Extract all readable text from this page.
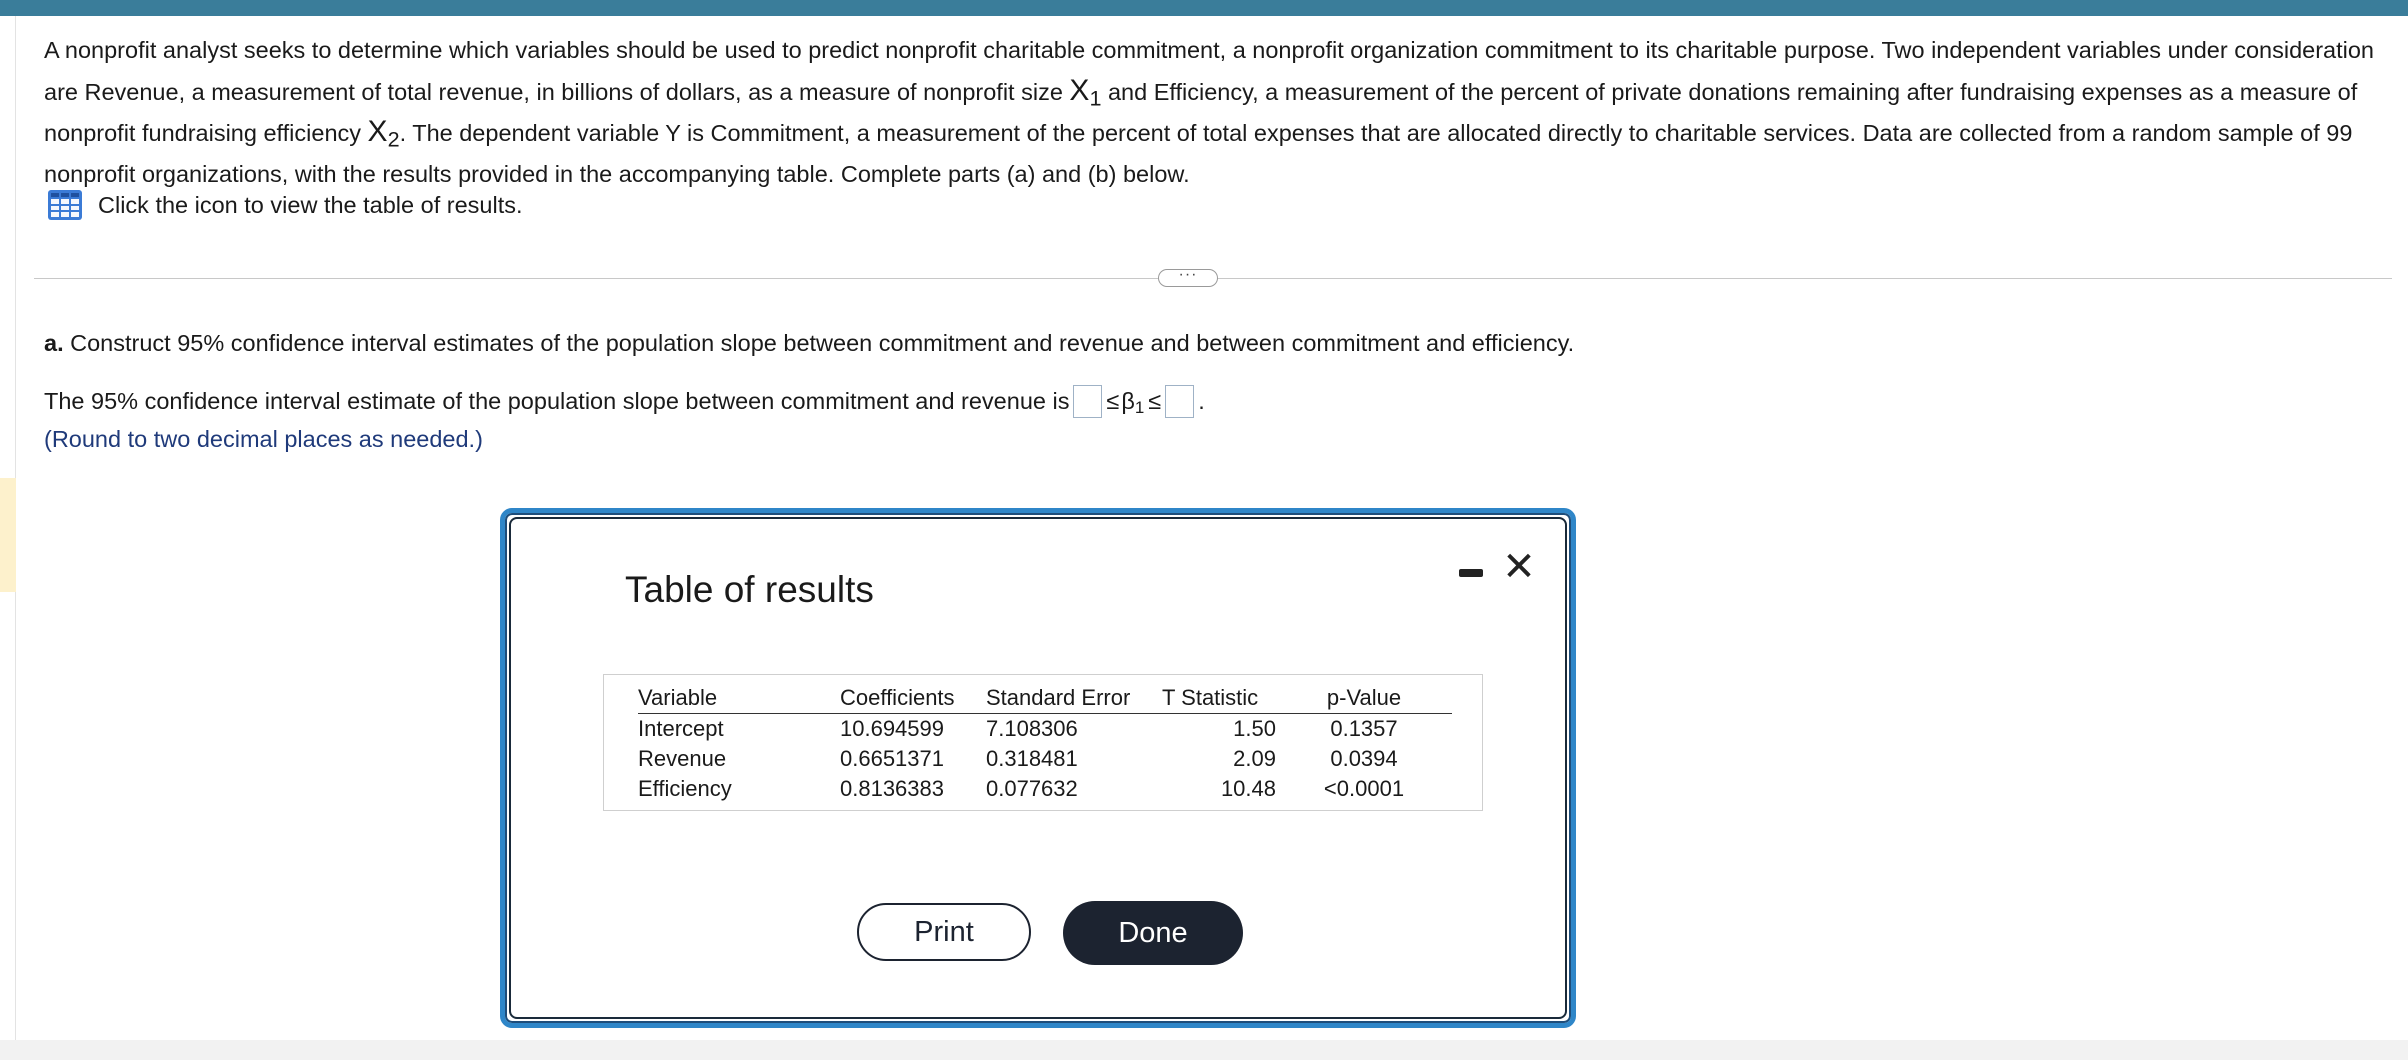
A nonprofit analyst seeks to determine which variables should be used to predict nonprofit charitable commitment, a nonprofit organization commitment to its charitable purpose. Two independent variables under consideration are Revenue, a measurement of total revenue, in billions of dollars, as a measure of nonprofit size $X_1$ and Efficiency, a measurement of the percent of private donations remaining after fundraising expenses as a measure of nonprofit fundraising efficiency $X_2$. The dependent variable Y is Commitment, a measurement of the percent of total expenses that are allocated directly to charitable services. Data are collected from a random sample of 99 nonprofit organizations, with the results provided in the accompanying table. Complete parts (a) and (b) below.
Click the icon to view the table of results.
···
a. Construct 95% confidence interval estimates of the population slope between commitment and revenue and between commitment and efficiency.
The 95% confidence interval estimate of the population slope between commitment and revenue is ≤ $\beta_1$ ≤ .
(Round to two decimal places as needed.)
Table of results
✕
Variable	Coefficients	Standard Error	T Statistic	p-Value
Intercept	10.694599	7.108306	1.50	0.1357
Revenue	0.6651371	0.318481	2.09	0.0394
Efficiency	0.8136383	0.077632	10.48	<0.0001
Print	Done
